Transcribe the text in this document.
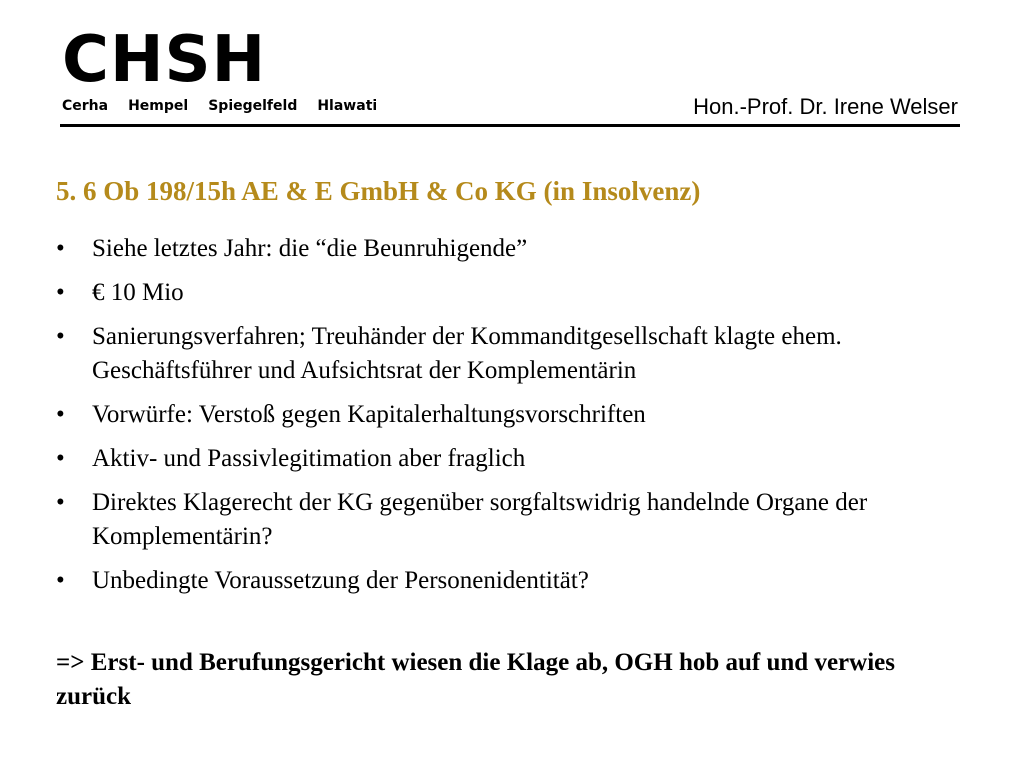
CHSH
Cerha Hempel Spiegelfeld Hlawati	Hon.-Prof. Dr. Irene Welser
5. 6 Ob 198/15h AE & E GmbH & Co KG (in Insolvenz)
•	Siehe letztes Jahr: die “die Beunruhigende”
•	€ 10 Mio
•	Sanierungsverfahren; Treuhänder der Kommanditgesellschaft klagte ehem. Geschäftsführer und Aufsichtsrat der Komplementärin
•	Vorwürfe: Verstoß gegen Kapitalerhaltungsvorschriften
•	Aktiv- und Passivlegitimation aber fraglich
•	Direktes Klagerecht der KG gegenüber sorgfaltswidrig handelnde Organe der Komplementärin?
•	Unbedingte Voraussetzung der Personenidentität?

=> Erst- und Berufungsgericht wiesen die Klage ab, OGH hob auf und verwies zurück
